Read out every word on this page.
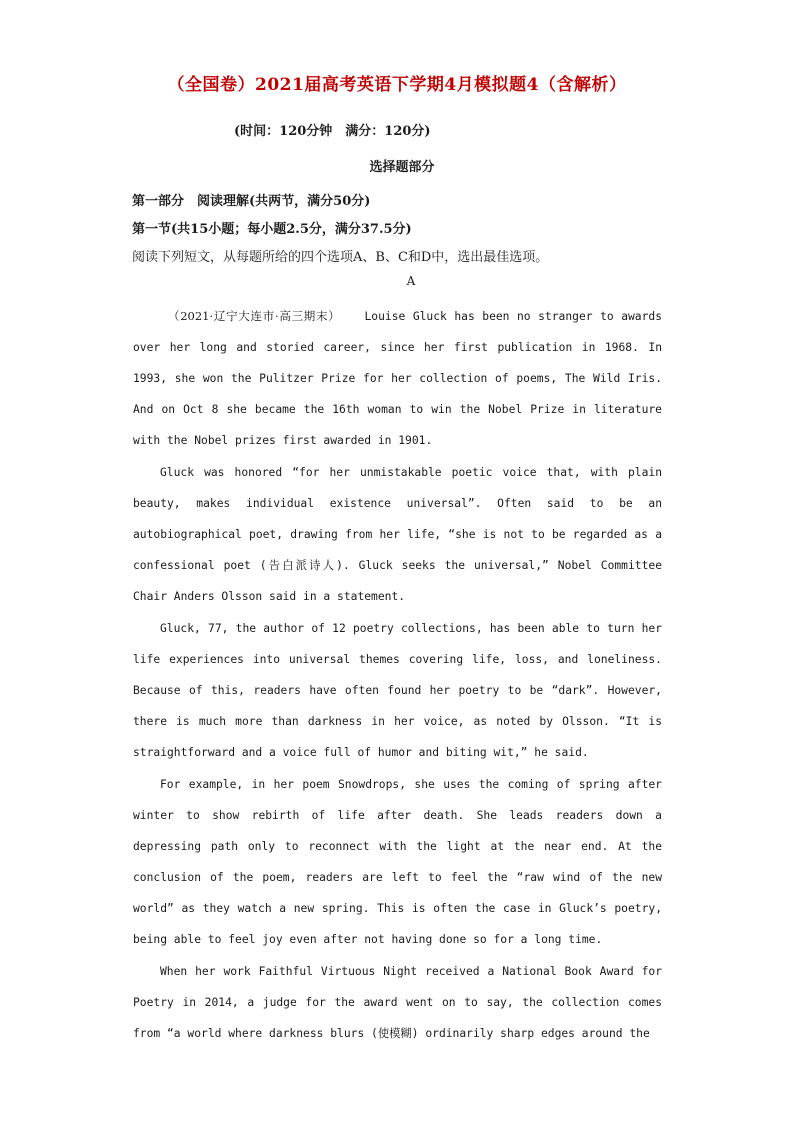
（全国卷）2021届高考英语下学期4月模拟题4（含解析）
(时间：120分钟　满分：120分)
选择题部分
第一部分　阅读理解(共两节，满分50分)
第一节(共15小题；每小题2.5分，满分37.5分)
阅读下列短文，从每题所给的四个选项A、B、C和D中，选出最佳选项。
A

（2021·辽宁大连市·高三期末） Louise Gluck has been no stranger to awards over her long and storied career, since her first publication in 1968. In 1993, she won the Pulitzer Prize for her collection of poems, The Wild Iris. And on Oct 8 she became the 16th woman to win the Nobel Prize in literature with the Nobel prizes first awarded in 1901.

Gluck was honored “for her unmistakable poetic voice that, with plain beauty, makes individual existence universal”. Often said to be an autobiographical poet, drawing from her life, “she is not to be regarded as a confessional poet (告白派诗人). Gluck seeks the universal,” Nobel Committee Chair Anders Olsson said in a statement.

Gluck, 77, the author of 12 poetry collections, has been able to turn her life experiences into universal themes covering life, loss, and loneliness. Because of this, readers have often found her poetry to be “dark”. However, there is much more than darkness in her voice, as noted by Olsson. “It is straightforward and a voice full of humor and biting wit,” he said.

For example, in her poem Snowdrops, she uses the coming of spring after winter to show rebirth of life after death. She leads readers down a depressing path only to reconnect with the light at the near end. At the conclusion of the poem, readers are left to feel the “raw wind of the new world” as they watch a new spring. This is often the case in Gluck’s poetry, being able to feel joy even after not having done so for a long time.

When her work Faithful Virtuous Night received a National Book Award for Poetry in 2014, a judge for the award went on to say, the collection comes from “a world where darkness blurs (使模糊) ordinarily sharp edges around the
